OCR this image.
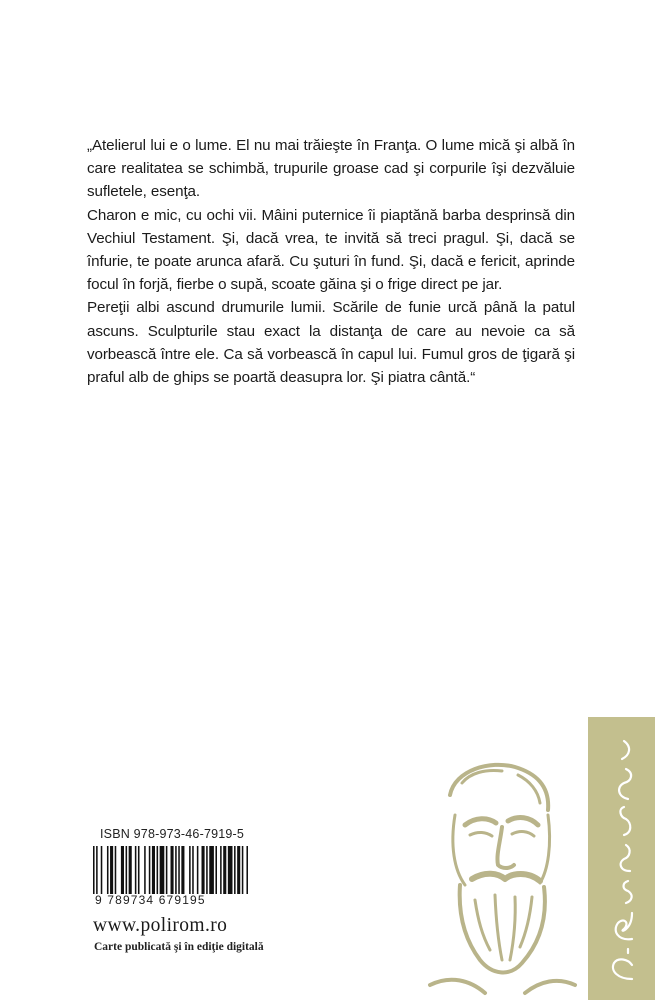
„Atelierul lui e o lume. El nu mai trăieşte în Franţa. O lume mică şi albă în care realitatea se schimbă, trupurile groase cad şi corpurile îşi dezvăluie sufletele, esenţa.

Charon e mic, cu ochi vii. Mâini puternice îi piaptănă barba desprinsă din Vechiul Testament. Şi, dacă vrea, te invită să treci pragul. Şi, dacă se înfurie, te poate arunca afară. Cu şuturi în fund. Şi, dacă e fericit, aprinde focul în forjă, fierbe o supă, scoate găina şi o frige direct pe jar.

Pereţii albi ascund drumurile lumii. Scările de funie urcă până la patul ascuns. Sculpturile stau exact la distanţa de care au nevoie ca să vorbească între ele. Ca să vorbească în capul lui. Fumul gros de ţigară şi praful alb de ghips se poartă deasupra lor. Şi piatra cântă.“

ISBN 978-973-46-7919-5
9 789734 679195
www.polirom.ro
Carte publicată şi în ediţie digitală
